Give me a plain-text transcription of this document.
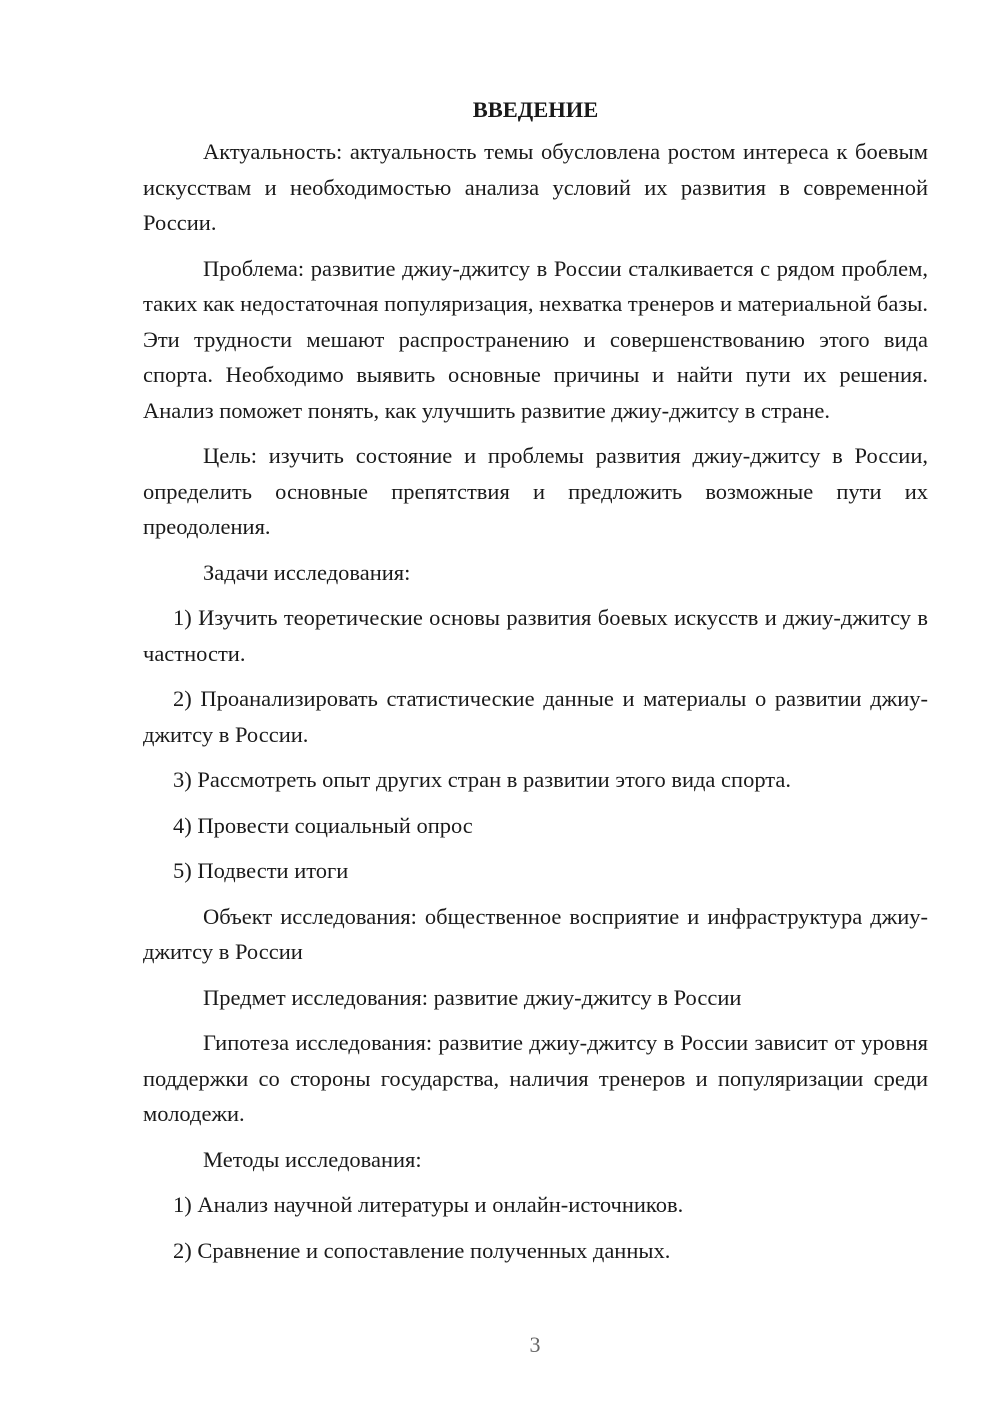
ВВЕДЕНИЕ

Актуальность: актуальность темы обусловлена ростом интереса к боевым искусствам и необходимостью анализа условий их развития в современной России.

Проблема: развитие джиу-джитсу в России сталкивается с рядом проблем, таких как недостаточная популяризация, нехватка тренеров и материальной базы. Эти трудности мешают распространению и совершенствованию этого вида спорта. Необходимо выявить основные причины и найти пути их решения. Анализ поможет понять, как улучшить развитие джиу-джитсу в стране.

Цель: изучить состояние и проблемы развития джиу-джитсу в России, определить основные препятствия и предложить возможные пути их преодоления.

Задачи исследования:

1) Изучить теоретические основы развития боевых искусств и джиу-джитсу в частности.

2) Проанализировать статистические данные и материалы о развитии джиу-джитсу в России.

3) Рассмотреть опыт других стран в развитии этого вида спорта.

4) Провести социальный опрос

5) Подвести итоги

Объект исследования: общественное восприятие и инфраструктура джиу-джитсу в России

Предмет исследования: развитие джиу-джитсу в России

Гипотеза исследования: развитие джиу-джитсу в России зависит от уровня поддержки со стороны государства, наличия тренеров и популяризации среди молодежи.

Методы исследования:

1) Анализ научной литературы и онлайн-источников.

2) Сравнение и сопоставление полученных данных.

3
